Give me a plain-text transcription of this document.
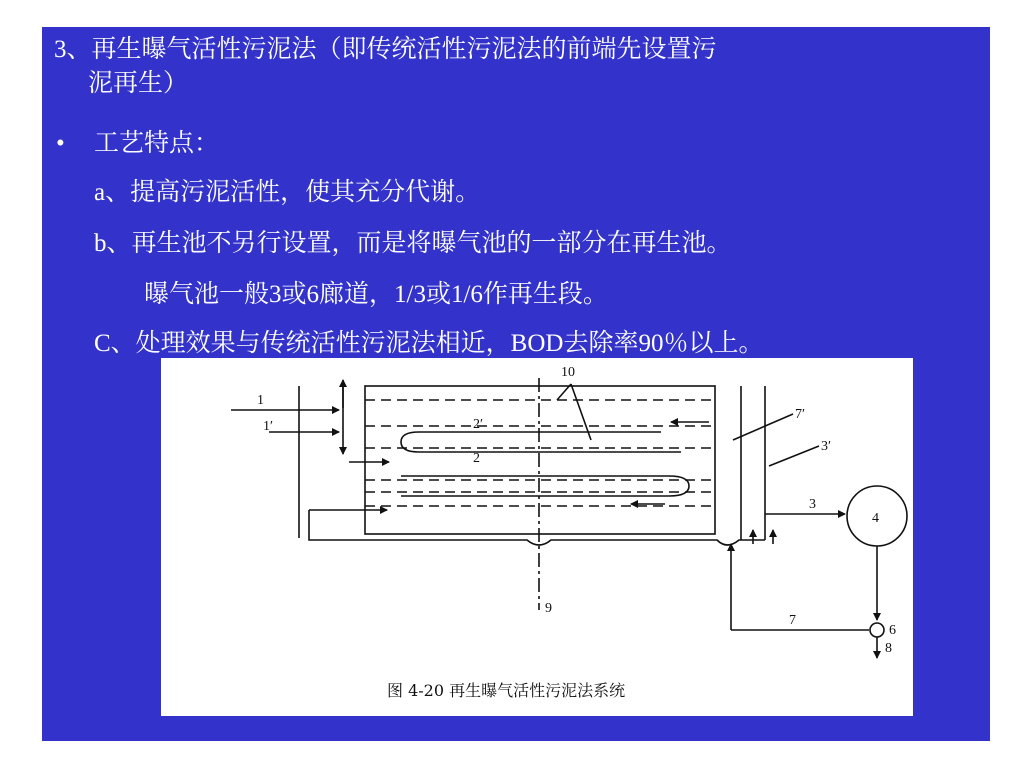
3、再生曝气活性污泥法（即传统活性污泥法的前端先设置污
泥再生）
• 工艺特点：
a、提高污泥活性，使其充分代谢。
b、再生池不另行设置，而是将曝气池的一部分在再生池。
曝气池一般3或6廊道，1/3或1/6作再生段。
C、处理效果与传统活性污泥法相近，BOD去除率90％以上。
1
1′	2′
2
3
3′
4
6
7
7′
8
9
10
图 4-20 再生曝气活性污泥法系统
